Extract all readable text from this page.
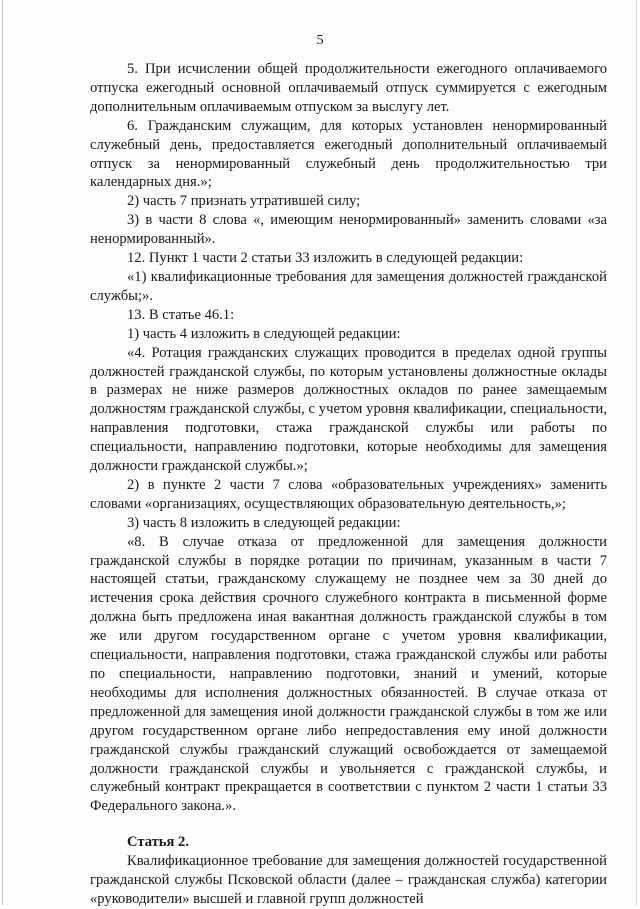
5

5. При исчислении общей продолжительности ежегодного оплачиваемого отпуска ежегодный основной оплачиваемый отпуск суммируется с ежегодным дополнительным оплачиваемым отпуском за выслугу лет.

6. Гражданским служащим, для которых установлен ненормированный служебный день, предоставляется ежегодный дополнительный оплачиваемый отпуск за ненормированный служебный день продолжительностью три календарных дня.»;

2) часть 7 признать утратившей силу;

3) в части 8 слова «, имеющим ненормированный» заменить словами «за ненормированный».

12. Пункт 1 части 2 статьи 33 изложить в следующей редакции:

«1) квалификационные требования для замещения должностей гражданской службы;».

13. В статье 46.1:

1) часть 4 изложить в следующей редакции:

«4. Ротация гражданских служащих проводится в пределах одной группы должностей гражданской службы, по которым установлены должностные оклады в размерах не ниже размеров должностных окладов по ранее замещаемым должностям гражданской службы, с учетом уровня квалификации, специальности, направления подготовки, стажа гражданской службы или работы по специальности, направлению подготовки, которые необходимы для замещения должности гражданской службы.»;

2) в пункте 2 части 7 слова «образовательных учреждениях» заменить словами «организациях, осуществляющих образовательную деятельность,»;

3) часть 8 изложить в следующей редакции:

«8. В случае отказа от предложенной для замещения должности гражданской службы в порядке ротации по причинам, указанным в части 7 настоящей статьи, гражданскому служащему не позднее чем за 30 дней до истечения срока действия срочного служебного контракта в письменной форме должна быть предложена иная вакантная должность гражданской службы в том же или другом государственном органе с учетом уровня квалификации, специальности, направления подготовки, стажа гражданской службы или работы по специальности, направлению подготовки, знаний и умений, которые необходимы для исполнения должностных обязанностей. В случае отказа от предложенной для замещения иной должности гражданской службы в том же или другом государственном органе либо непредоставления ему иной должности гражданской службы гражданский служащий освобождается от замещаемой должности гражданской службы и увольняется с гражданской службы, и служебный контракт прекращается в соответствии с пунктом 2 части 1 статьи 33 Федерального закона.».

Статья 2.

Квалификационное требование для замещения должностей государственной гражданской службы Псковской области (далее – гражданская служба) категории «руководители» высшей и главной групп должностей
